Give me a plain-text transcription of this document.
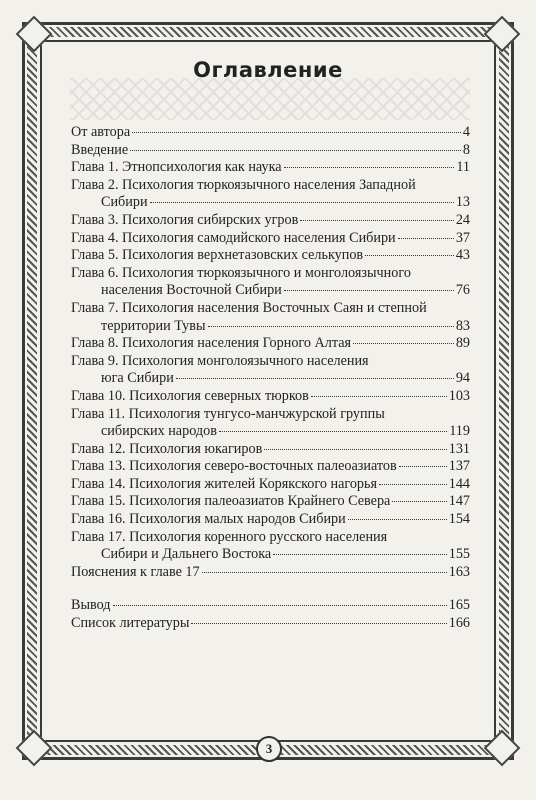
Оглавление
От автора	4
Введение	8
Глава 1. Этнопсихология как наука	11
Глава 2. Психология тюркоязычного населения Западной
Сибири	13
Глава 3. Психология сибирских угров	24
Глава 4. Психология самодийского населения Сибири	37
Глава 5. Психология верхнетазовских селькупов	43
Глава 6. Психология тюркоязычного и монголоязычного
населения Восточной Сибири	76
Глава 7. Психология населения Восточных Саян и степной
территории Тувы	83
Глава 8. Психология населения Горного Алтая	89
Глава 9. Психология монголоязычного населения
юга Сибири	94
Глава 10. Психология северных тюрков	103
Глава 11. Психология тунгусо-манчжурской группы
сибирских народов	119
Глава 12. Психология юкагиров	131
Глава 13. Психология северо-восточных палеоазиатов	137
Глава 14. Психология жителей Корякского нагорья	144
Глава 15. Психология палеоазиатов Крайнего Севера	147
Глава 16. Психология малых народов Сибири	154
Глава 17. Психология коренного русского населения
Сибири и Дальнего Востока	155
Пояснения к главе 17	163
Вывод	165
Список литературы	166
3
